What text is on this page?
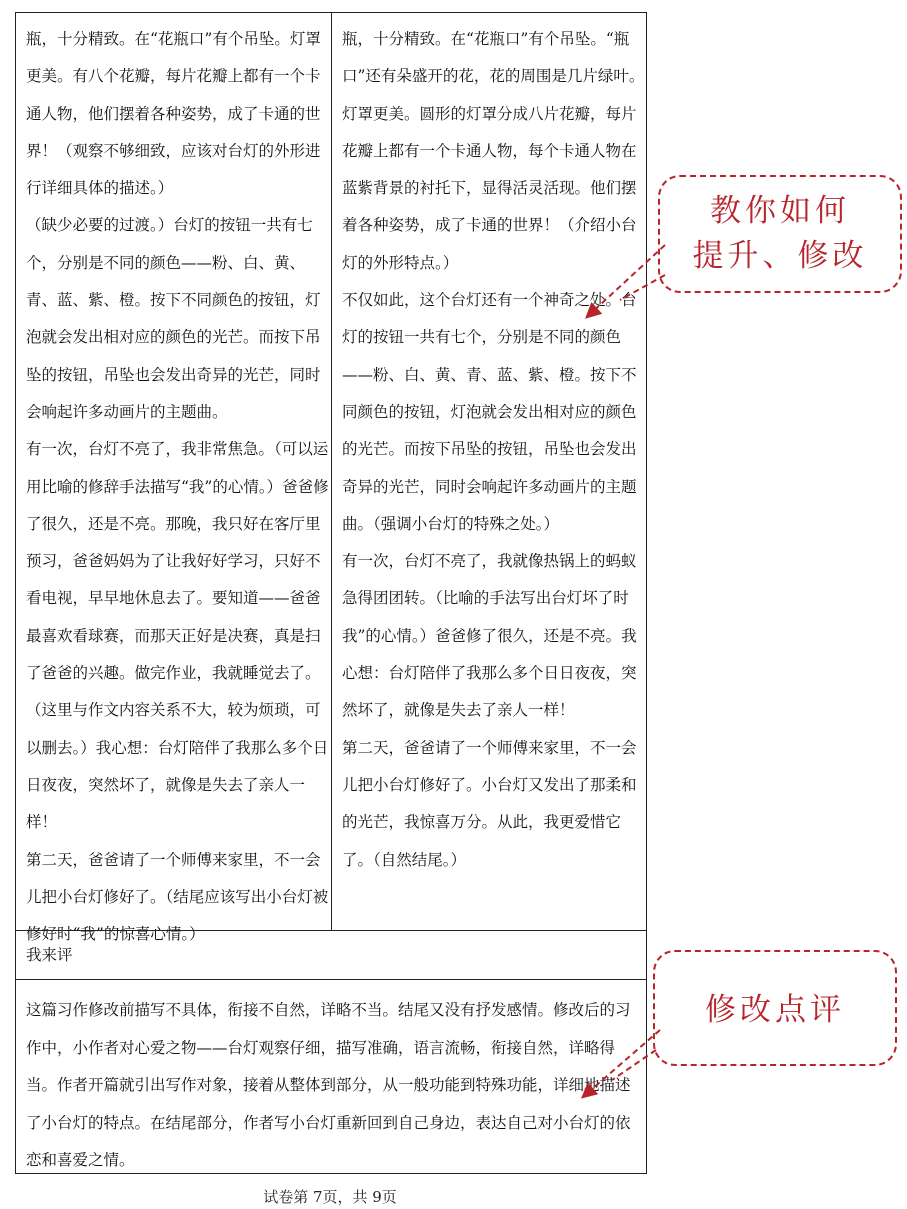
瓶，十分精致。在“花瓶口”有个吊坠。灯罩更美。有八个花瓣，每片花瓣上都有一个卡通人物，他们摆着各种姿势，成了卡通的世界！（观察不够细致，应该对台灯的外形进行详细具体的描述。）

（缺少必要的过渡。）台灯的按钮一共有七个，分别是不同的颜色——粉、白、黄、青、蓝、紫、橙。按下不同颜色的按钮，灯泡就会发出相对应的颜色的光芒。而按下吊坠的按钮，吊坠也会发出奇异的光芒，同时会响起许多动画片的主题曲。

有一次，台灯不亮了，我非常焦急。（可以运用比喻的修辞手法描写“我”的心情。）爸爸修了很久，还是不亮。那晚，我只好在客厅里预习，爸爸妈妈为了让我好好学习，只好不看电视，早早地休息去了。要知道——爸爸最喜欢看球赛，而那天正好是决赛，真是扫了爸爸的兴趣。做完作业，我就睡觉去了。（这里与作文内容关系不大，较为烦琐，可以删去。）我心想：台灯陪伴了我那么多个日日夜夜，突然坏了，就像是失去了亲人一样！

第二天，爸爸请了一个师傅来家里，不一会儿把小台灯修好了。（结尾应该写出小台灯被修好时“我”的惊喜心情。）

瓶，十分精致。在“花瓶口”有个吊坠。“瓶口”还有朵盛开的花，花的周围是几片绿叶。灯罩更美。圆形的灯罩分成八片花瓣，每片花瓣上都有一个卡通人物，每个卡通人物在蓝紫背景的衬托下，显得活灵活现。他们摆着各种姿势，成了卡通的世界！（介绍小台灯的外形特点。）

不仅如此，这个台灯还有一个神奇之处。台灯的按钮一共有七个，分别是不同的颜色——粉、白、黄、青、蓝、紫、橙。按下不同颜色的按钮，灯泡就会发出相对应的颜色的光芒。而按下吊坠的按钮，吊坠也会发出奇异的光芒，同时会响起许多动画片的主题曲。（强调小台灯的特殊之处。）

有一次，台灯不亮了，我就像热锅上的蚂蚁急得团团转。（比喻的手法写出台灯坏了时我”的心情。）爸爸修了很久，还是不亮。我心想：台灯陪伴了我那么多个日日夜夜，突然坏了，就像是失去了亲人一样！

第二天，爸爸请了一个师傅来家里，不一会儿把小台灯修好了。小台灯又发出了那柔和的光芒，我惊喜万分。从此，我更爱惜它了。（自然结尾。）

我来评

这篇习作修改前描写不具体，衔接不自然，详略不当。结尾又没有抒发感情。修改后的习作中，小作者对心爱之物——台灯观察仔细，描写准确，语言流畅，衔接自然，详略得当。作者开篇就引出写作对象，接着从整体到部分，从一般功能到特殊功能，详细地描述了小台灯的特点。在结尾部分，作者写小台灯重新回到自己身边，表达自己对小台灯的依恋和喜爱之情。

试卷第 7页，共 9页
教你如何
提升、修改
修改点评
